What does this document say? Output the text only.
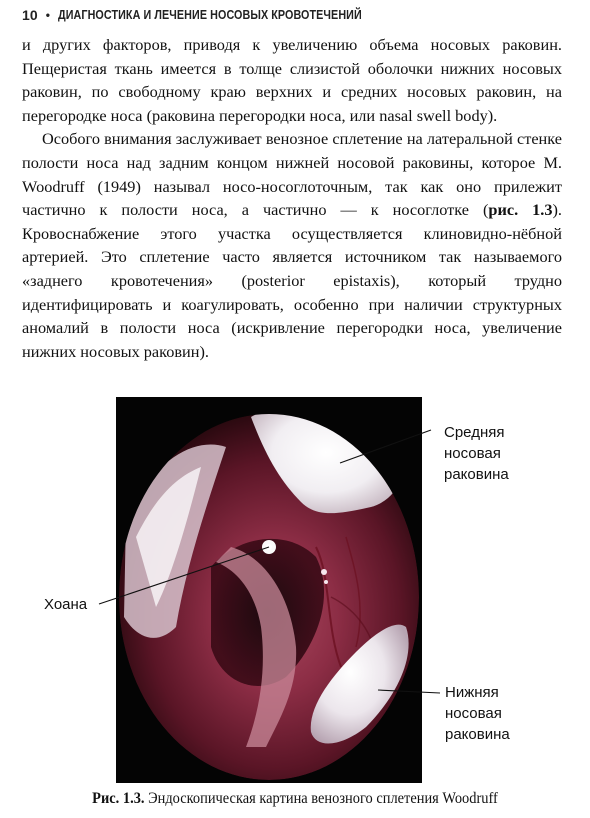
10 • ДИАГНОСТИКА И ЛЕЧЕНИЕ НОСОВЫХ КРОВОТЕЧЕНИЙ

и других факторов, приводя к увеличению объема носовых раковин. Пещеристая ткань имеется в толще слизистой оболочки нижних носовых раковин, по свободному краю верхних и средних носовых раковин, на перегородке носа (раковина перегородки носа, или nasal swell body).

Особого внимания заслуживает венозное сплетение на латеральной стенке полости носа над задним концом нижней носовой раковины, которое M. Woodruff (1949) называл носо-носоглоточным, так как оно прилежит частично к полости носа, а частично — к носоглотке (рис. 1.3). Кровоснабжение этого участка осуществляется клиновидно-нёбной артерией. Это сплетение часто является источником так называемого «заднего кровотечения» (posterior epistaxis), который трудно идентифицировать и коагулировать, особенно при наличии структурных аномалий в полости носа (искривление перегородки носа, увеличение нижних носовых раковин).

Средняя
носовая
раковина
Хоана
Нижняя
носовая
раковина
Рис. 1.3. Эндоскопическая картина венозного сплетения Woodruff
